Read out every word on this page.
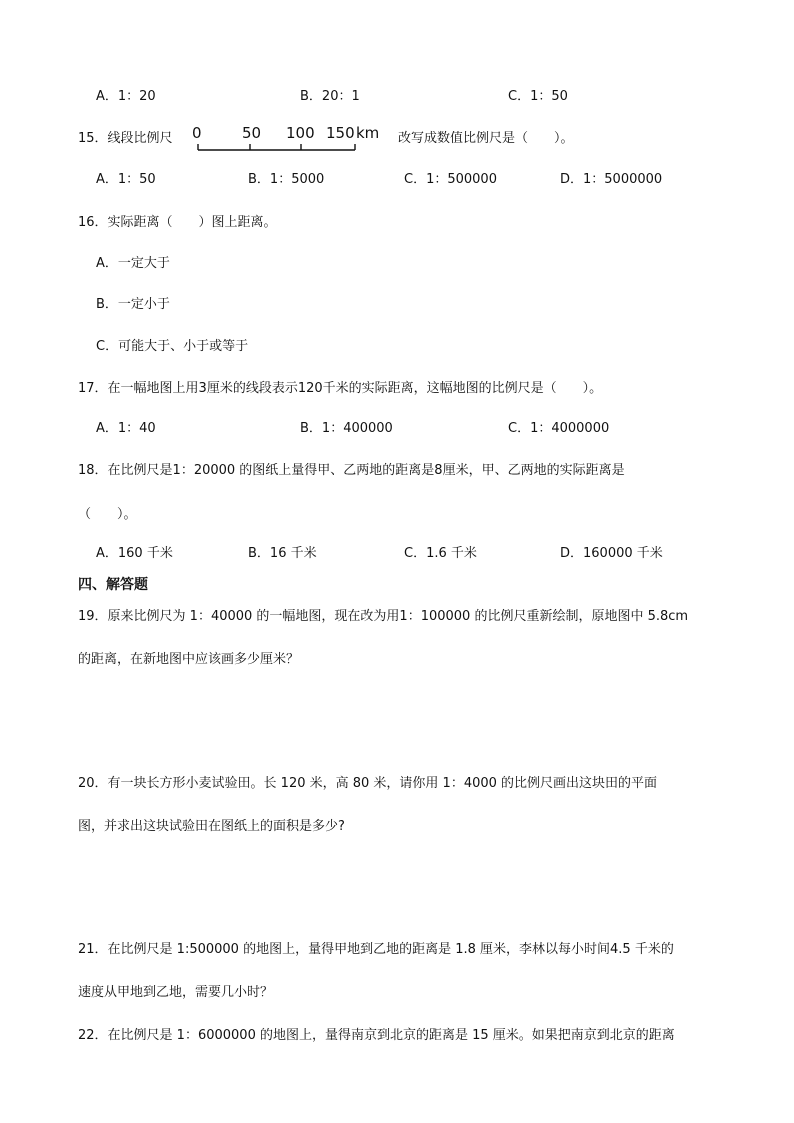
A．1：20	B．20：1	C．1：50
15．线段比例尺 0	50 100 150 km 改写成数值比例尺是（　　）。
A．1：50	B．1：5000	C．1：500000	D．1：5000000
16．实际距离（　　）图上距离。
A．一定大于
B．一定小于
C．可能大于、小于或等于
17．在一幅地图上用3厘米的线段表示120千米的实际距离，这幅地图的比例尺是（　　）。
A．1：40	B．1：400000	C．1：4000000
18．在比例尺是1：20000 的图纸上量得甲、乙两地的距离是8厘米，甲、乙两地的实际距离是
（　　）。
A．160 千米	B．16 千米	C．1.6 千米	D．160000 千米
四、解答题
19．原来比例尺为 1：40000 的一幅地图，现在改为用1：100000 的比例尺重新绘制，原地图中 5.8cm
的距离，在新地图中应该画多少厘米？
20．有一块长方形小麦试验田。长 120 米，高 80 米，请你用 1：4000 的比例尺画出这块田的平面
图，并求出这块试验田在图纸上的面积是多少?
21．在比例尺是 1:500000 的地图上，量得甲地到乙地的距离是 1.8 厘米，李林以每小时间4.5 千米的
速度从甲地到乙地，需要几小时？
22．在比例尺是 1：6000000 的地图上，量得南京到北京的距离是 15 厘米。如果把南京到北京的距离
